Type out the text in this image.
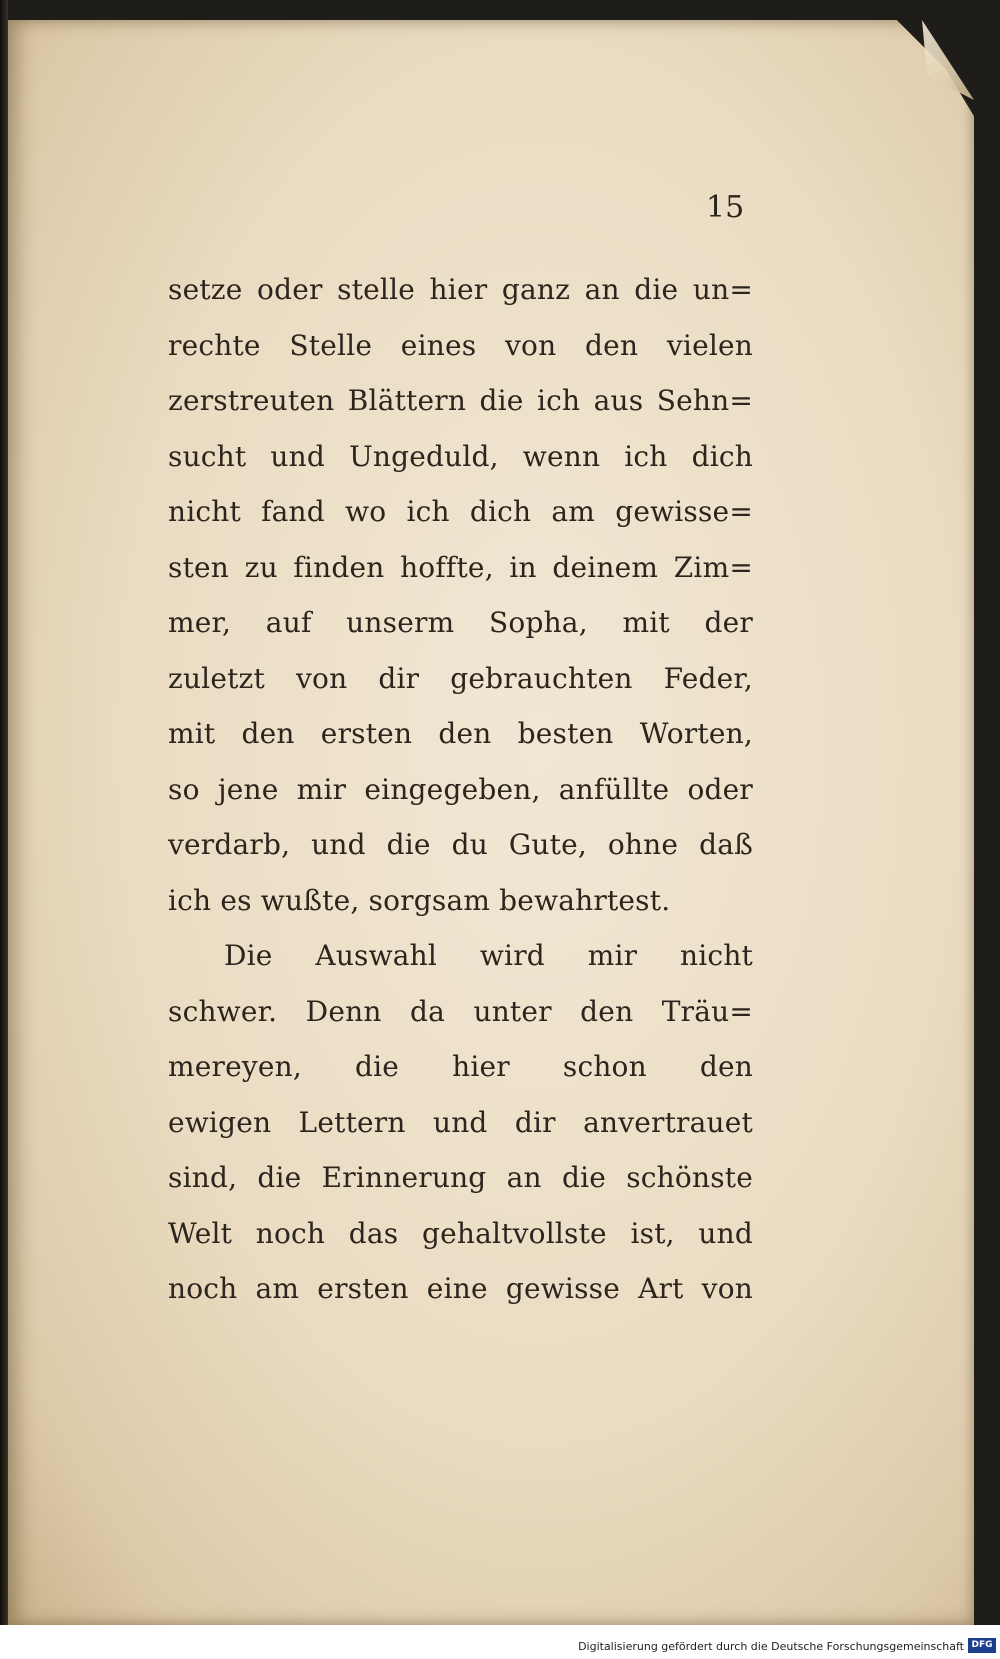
15
setze oder stelle hier ganz an die un=
rechte Stelle eines von den vielen
zerstreuten Blättern die ich aus Sehn=
sucht und Ungeduld, wenn ich dich
nicht fand wo ich dich am gewisse=
sten zu finden hoffte, in deinem Zim=
mer, auf unserm Sopha, mit der
zuletzt von dir gebrauchten Feder,
mit den ersten den besten Worten,
so jene mir eingegeben, anfüllte oder
verdarb, und die du Gute, ohne daß
ich es wußte, sorgsam bewahrtest.
Die Auswahl wird mir nicht
schwer. Denn da unter den Träu=
mereyen, die hier schon den
ewigen Lettern und dir anvertrauet
sind, die Erinnerung an die schönste
Welt noch das gehaltvollste ist, und
noch am ersten eine gewisse Art von
Digitalisierung gefördert durch die Deutsche Forschungsgemeinschaft DFG
